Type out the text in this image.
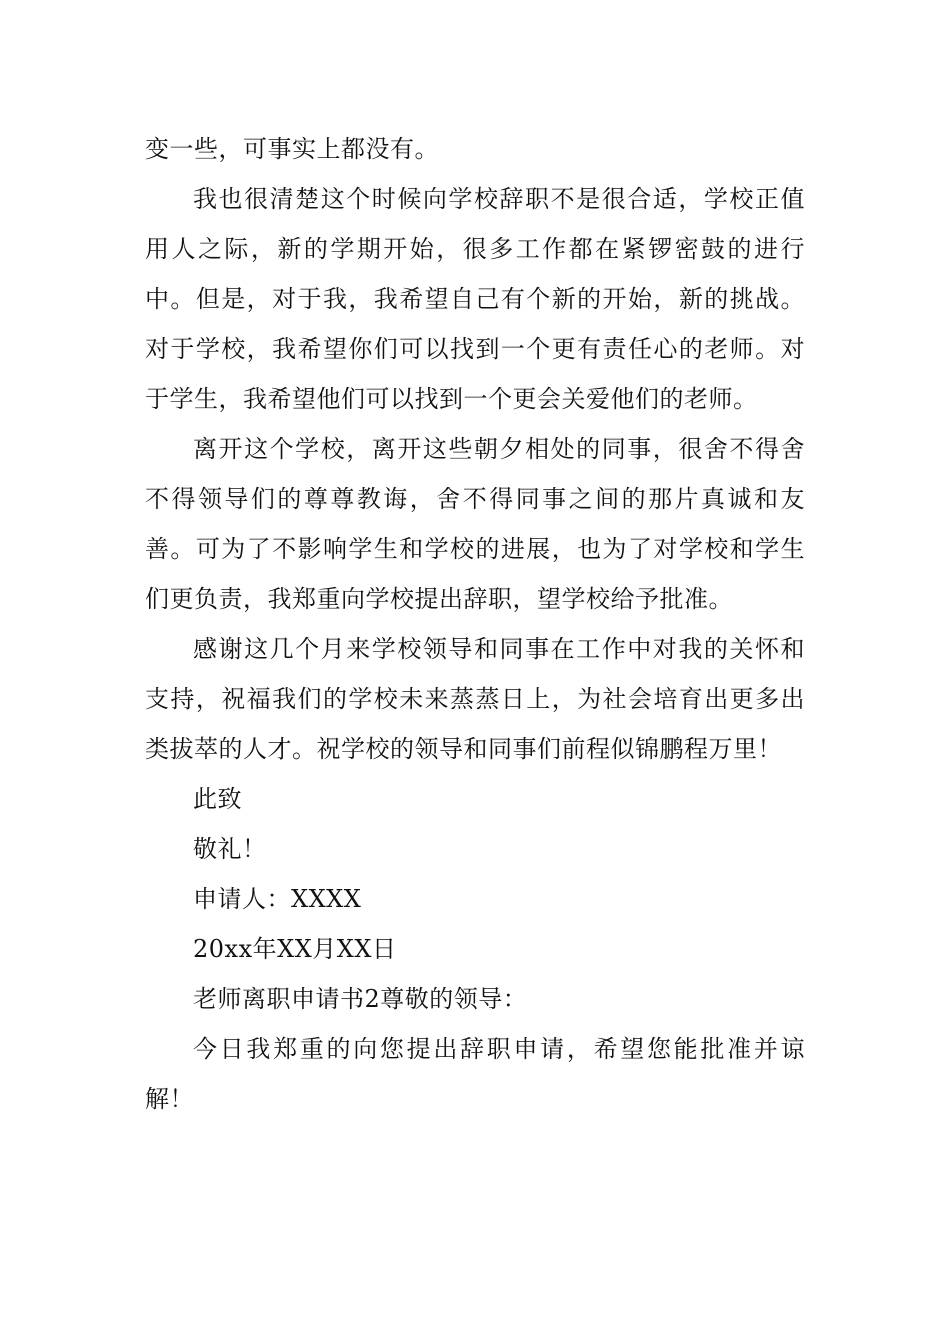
变一些，可事实上都没有。

我也很清楚这个时候向学校辞职不是很合适，学校正值用人之际，新的学期开始，很多工作都在紧锣密鼓的进行中。但是，对于我，我希望自己有个新的开始，新的挑战。对于学校，我希望你们可以找到一个更有责任心的老师。对于学生，我希望他们可以找到一个更会关爱他们的老师。

离开这个学校，离开这些朝夕相处的同事，很舍不得舍不得领导们的尊尊教诲，舍不得同事之间的那片真诚和友善。可为了不影响学生和学校的进展，也为了对学校和学生们更负责，我郑重向学校提出辞职，望学校给予批准。

感谢这几个月来学校领导和同事在工作中对我的关怀和支持，祝福我们的学校未来蒸蒸日上，为社会培育出更多出类拔萃的人才。祝学校的领导和同事们前程似锦鹏程万里！

此致

敬礼！

申请人：XXXX

20xx年XX月XX日

老师离职申请书2尊敬的领导：

今日我郑重的向您提出辞职申请，希望您能批准并谅解！
